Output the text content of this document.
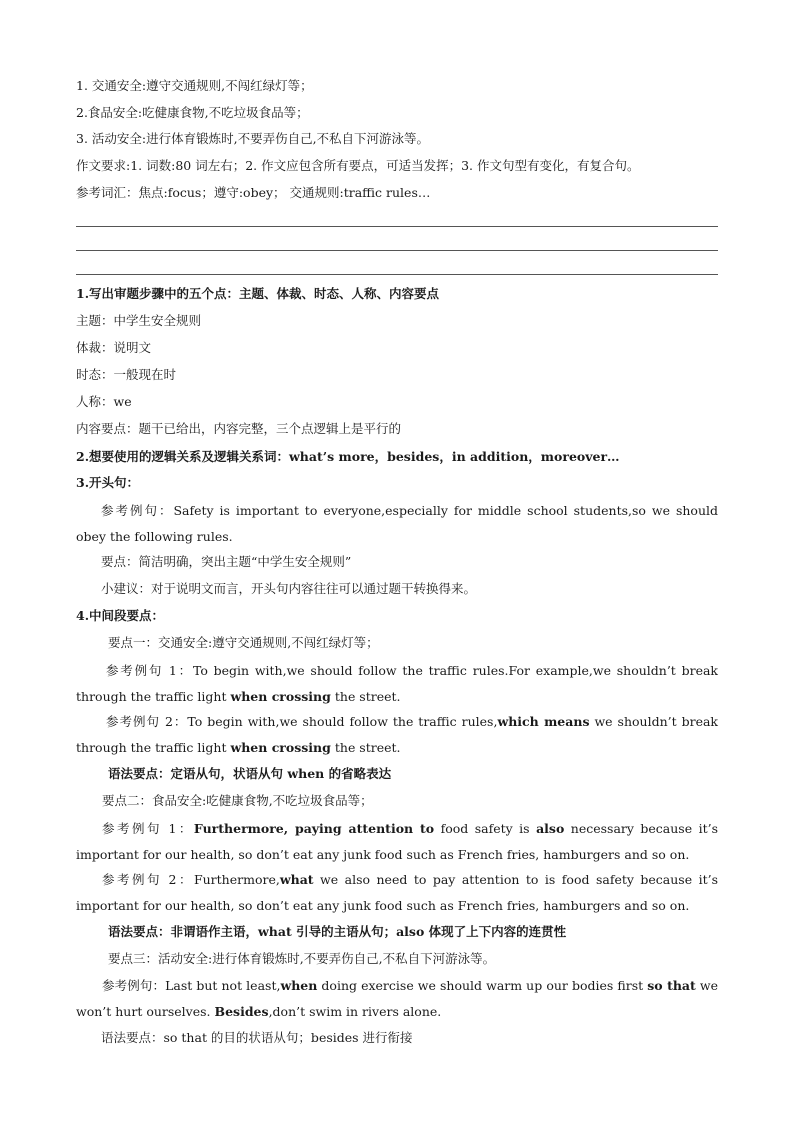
1. 交通安全:遵守交通规则,不闯红绿灯等；
2.食品安全:吃健康食物,不吃垃圾食品等；
3. 活动安全:进行体育锻炼时,不要弄伤自己,不私自下河游泳等。
作文要求:1. 词数:80 词左右；2. 作文应包含所有要点，可适当发挥；3. 作文句型有变化，有复合句。
参考词汇：焦点:focus；遵守:obey； 交通规则:traffic rules…
1.写出审题步骤中的五个点：主题、体裁、时态、人称、内容要点
主题：中学生安全规则
体裁：说明文
时态：一般现在时
人称：we
内容要点：题干已给出，内容完整，三个点逻辑上是平行的
2.想要使用的逻辑关系及逻辑关系词：what’s more，besides，in addition，moreover…
3.开头句：
参考例句：Safety is important to everyone,especially for middle school students,so we should obey the following rules.
要点：简洁明确，突出主题“中学生安全规则”
小建议：对于说明文而言，开头句内容往往可以通过题干转换得来。
4.中间段要点：
要点一：交通安全:遵守交通规则,不闯红绿灯等；
参考例句 1：To begin with,we should follow the traffic rules.For example,we shouldn’t break through the traffic light when crossing the street.
参考例句 2：To begin with,we should follow the traffic rules,which means we shouldn’t break through the traffic light when crossing the street.
语法要点：定语从句，状语从句 when 的省略表达
要点二：食品安全:吃健康食物,不吃垃圾食品等；
参考例句 1：Furthermore, paying attention to food safety is also necessary because it’s important for our health, so don’t eat any junk food such as French fries, hamburgers and so on.
参考例句 2：Furthermore,what we also need to pay attention to is food safety because it’s important for our health, so don’t eat any junk food such as French fries, hamburgers and so on.
语法要点：非谓语作主语，what 引导的主语从句；also 体现了上下内容的连贯性
要点三：活动安全:进行体育锻炼时,不要弄伤自己,不私自下河游泳等。
参考例句：Last but not least,when doing exercise we should warm up our bodies first so that we won’t hurt ourselves. Besides,don’t swim in rivers alone.
语法要点：so that 的目的状语从句；besides 进行衔接
